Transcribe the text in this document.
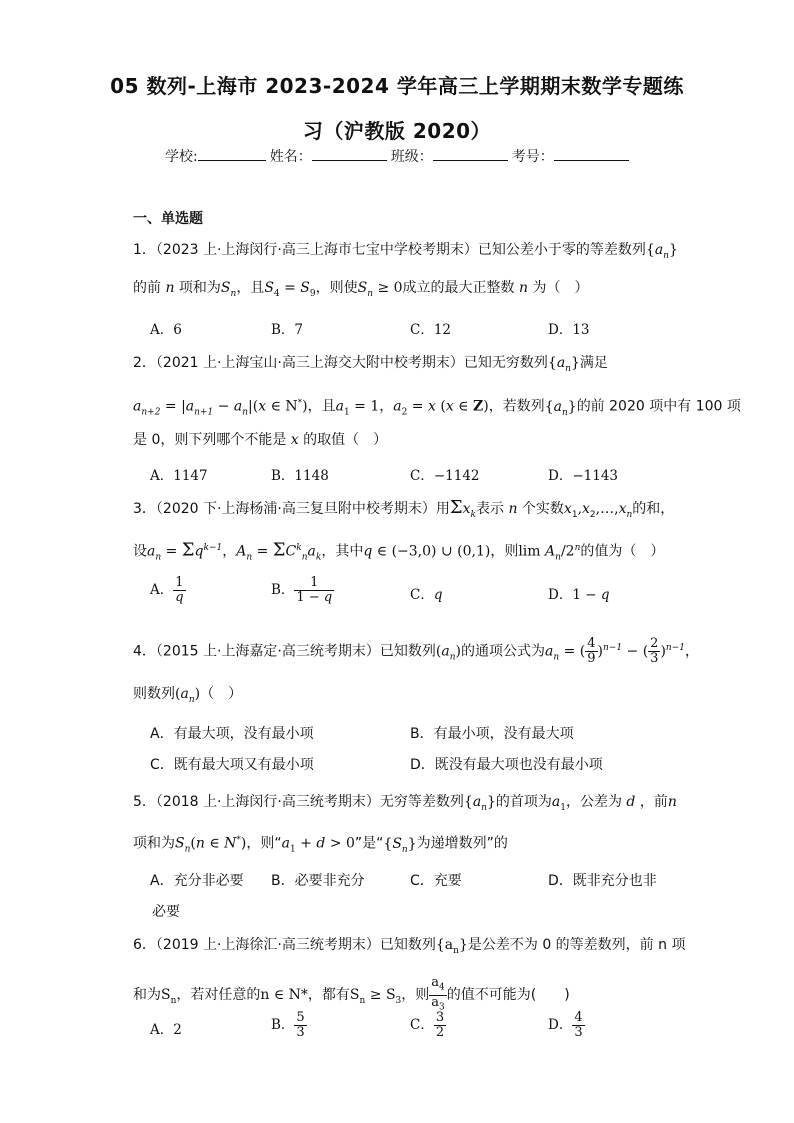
05 数列-上海市 2023-2024 学年高三上学期期末数学专题练
习（沪教版 2020）
学校:	姓名：	班级：	考号：
一、单选题
1．（2023 上·上海闵行·高三上海市七宝中学校考期末）已知公差小于零的等差数列$\{a_n\}$
的前 n 项和为$S_n$，且$S_4 = S_9$，则使$S_n \ge 0$成立的最大正整数 n 为（　）
A．6	B．7	C．12	D．13
2．（2021 上·上海宝山·高三上海交大附中校考期末）已知无穷数列$\{a_n\}$满足
$a_{n+2} = |a_{n+1} - a_n|(x$ ∈ N*)，且$a_1 = 1$，$a_2 = x$ (x ∈ Z)，若数列$\{a_n\}$的前 2020 项中有 100 项
是 0，则下列哪个不能是 x 的取值（　）
A．1147	B．1148	C．−1142	D．−1143
3．（2020 下·上海杨浦·高三复旦附中校考期末）用$\Sigma x_k$表示 n 个实数$x_1,x_2,\dots,x_n$的和，
设$a_n = \Sigma q^{k-1}$，$A_n = \Sigma C^k_na_k$，其中q ∈ (−3,0) ∪ (0,1)，则$\lim A_n/2^n$的值为（　）
A． $\frac{1}{q}$	B． $\frac{1}{1 - q}$	C．q	D．1 − q
4．（2015 上·上海嘉定·高三统考期末）已知数列$(a_n)$的通项公式为$a_n$ = ( $\frac{4}{9} )^{n-1}$ − ( $\frac{2}{3} )^{n-1}$，
则数列$(a_n)$（　）
A．有最大项，没有最小项	B．有最小项，没有最大项
C．既有最大项又有最小项	D．既没有最大项也没有最小项
5．（2018 上·上海闵行·高三统考期末）无穷等差数列$\{a_n\}$的首项为$a_1$，公差为 d ，前n
项和为$S_n(n$ ∈ N*)，则“$a_1 + d > 0$”是“$\{S_n\}$为递增数列”的
A．充分非必要 B．必要非充分	C．充要	D．既非充分也非
必要
6．（2019 上·上海徐汇·高三统考期末）已知数列$\{a_n\}$是公差不为 0 的等差数列，前 n 项
和为$S_n$，若对任意的n ∈ N*，都有$S_n \ge S_3$，则 $\frac{a_4}{a_3}$ 的值不可能为(　　)
A．2	B． $\frac{5}{3}$	C． $\frac{3}{2}$	D． $\frac{4}{3}$
